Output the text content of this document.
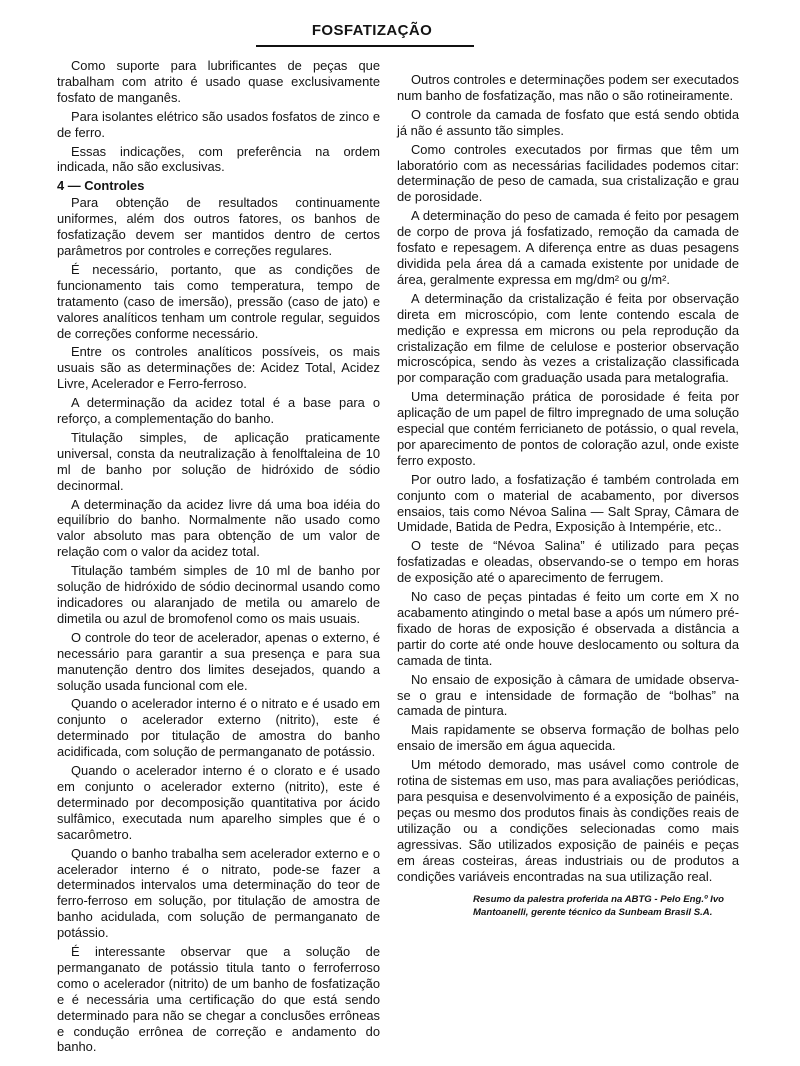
FOSFATIZAÇÃO

Como suporte para lubrificantes de peças que trabalham com atrito é usado quase exclusivamente fosfato de manganês.

Para isolantes elétrico são usados fosfatos de zinco e de ferro.

Essas indicações, com preferência na ordem indicada, não são exclusivas.

4 — Controles

Para obtenção de resultados continuamente uniformes, além dos outros fatores, os banhos de fosfatização devem ser mantidos dentro de certos parâmetros por controles e correções regulares.

É necessário, portanto, que as condições de funcionamento tais como temperatura, tempo de tratamento (caso de imersão), pressão (caso de jato) e valores analíticos tenham um controle regular, seguidos de correções conforme necessário.

Entre os controles analíticos possíveis, os mais usuais são as determinações de: Acidez Total, Acidez Livre, Acelerador e Ferro-ferroso.

A determinação da acidez total é a base para o reforço, a complementação do banho.

Titulação simples, de aplicação praticamente universal, consta da neutralização à fenolftaleina de 10 ml de banho por solução de hidróxido de sódio decinormal.

A determinação da acidez livre dá uma boa idéia do equilíbrio do banho. Normalmente não usado como valor absoluto mas para obtenção de um valor de relação com o valor da acidez total.

Titulação também simples de 10 ml de banho por solução de hidróxido de sódio decinormal usando como indicadores ou alaranjado de metila ou amarelo de dimetila ou azul de bromofenol como os mais usuais.

O controle do teor de acelerador, apenas o externo, é necessário para garantir a sua presença e para sua manutenção dentro dos limites desejados, quando a solução usada funcional com ele.

Quando o acelerador interno é o nitrato e é usado em conjunto o acelerador externo (nitrito), este é determinado por titulação de amostra do banho acidificada, com solução de permanganato de potássio.

Quando o acelerador interno é o clorato e é usado em conjunto o acelerador externo (nitrito), este é determinado por decomposição quantitativa por ácido sulfâmico, executada num aparelho simples que é o sacarômetro.

Quando o banho trabalha sem acelerador externo e o acelerador interno é o nitrato, pode-se fazer a determinados intervalos uma determinação do teor de ferro-ferroso em solução, por titulação de amostra de banho acidulada, com solução de permanganato de potássio.

É interessante observar que a solução de permanganato de potássio titula tanto o ferroferroso como o acelerador (nitrito) de um banho de fosfatização e é necessária uma certificação do que está sendo determinado para não se chegar a conclusões errôneas e condução errônea de correção e andamento do banho.

Outros controles e determinações podem ser executados num banho de fosfatização, mas não o são rotineiramente.

O controle da camada de fosfato que está sendo obtida já não é assunto tão simples.

Como controles executados por firmas que têm um laboratório com as necessárias facilidades podemos citar: determinação de peso de camada, sua cristalização e grau de porosidade.

A determinação do peso de camada é feito por pesagem de corpo de prova já fosfatizado, remoção da camada de fosfato e repesagem. A diferença entre as duas pesagens dividida pela área dá a camada existente por unidade de área, geralmente expressa em mg/dm² ou g/m².

A determinação da cristalização é feita por observação direta em microscópio, com lente contendo escala de medição e expressa em microns ou pela reprodução da cristalização em filme de celulose e posterior observação microscópica, sendo às vezes a cristalização classificada por comparação com graduação usada para metalografia.

Uma determinação prática de porosidade é feita por aplicação de um papel de filtro impregnado de uma solução especial que contém ferricianeto de potássio, o qual revela, por aparecimento de pontos de coloração azul, onde existe ferro exposto.

Por outro lado, a fosfatização é também controlada em conjunto com o material de acabamento, por diversos ensaios, tais como Névoa Salina — Salt Spray, Câmara de Umidade, Batida de Pedra, Exposição à Intempérie, etc..

O teste de “Névoa Salina” é utilizado para peças fosfatizadas e oleadas, observando-se o tempo em horas de exposição até o aparecimento de ferrugem.

No caso de peças pintadas é feito um corte em X no acabamento atingindo o metal base a após um número pré-fixado de horas de exposição é observada a distância a partir do corte até onde houve deslocamento ou soltura da camada de tinta.

No ensaio de exposição à câmara de umidade observa-se o grau e intensidade de formação de “bolhas” na camada de pintura.

Mais rapidamente se observa formação de bolhas pelo ensaio de imersão em água aquecida.

Um método demorado, mas usável como controle de rotina de sistemas em uso, mas para avaliações periódicas, para pesquisa e desenvolvimento é a exposição de painéis, peças ou mesmo dos produtos finais às condições reais de utilização ou a condições selecionadas como mais agressivas. São utilizados exposição de painéis e peças em áreas costeiras, áreas industriais ou de produtos a condições variáveis encontradas na sua utilização real.

Resumo da palestra proferida na ABTG - Pelo Eng.º Ivo Mantoanelli, gerente técnico da Sunbeam Brasil S.A.
